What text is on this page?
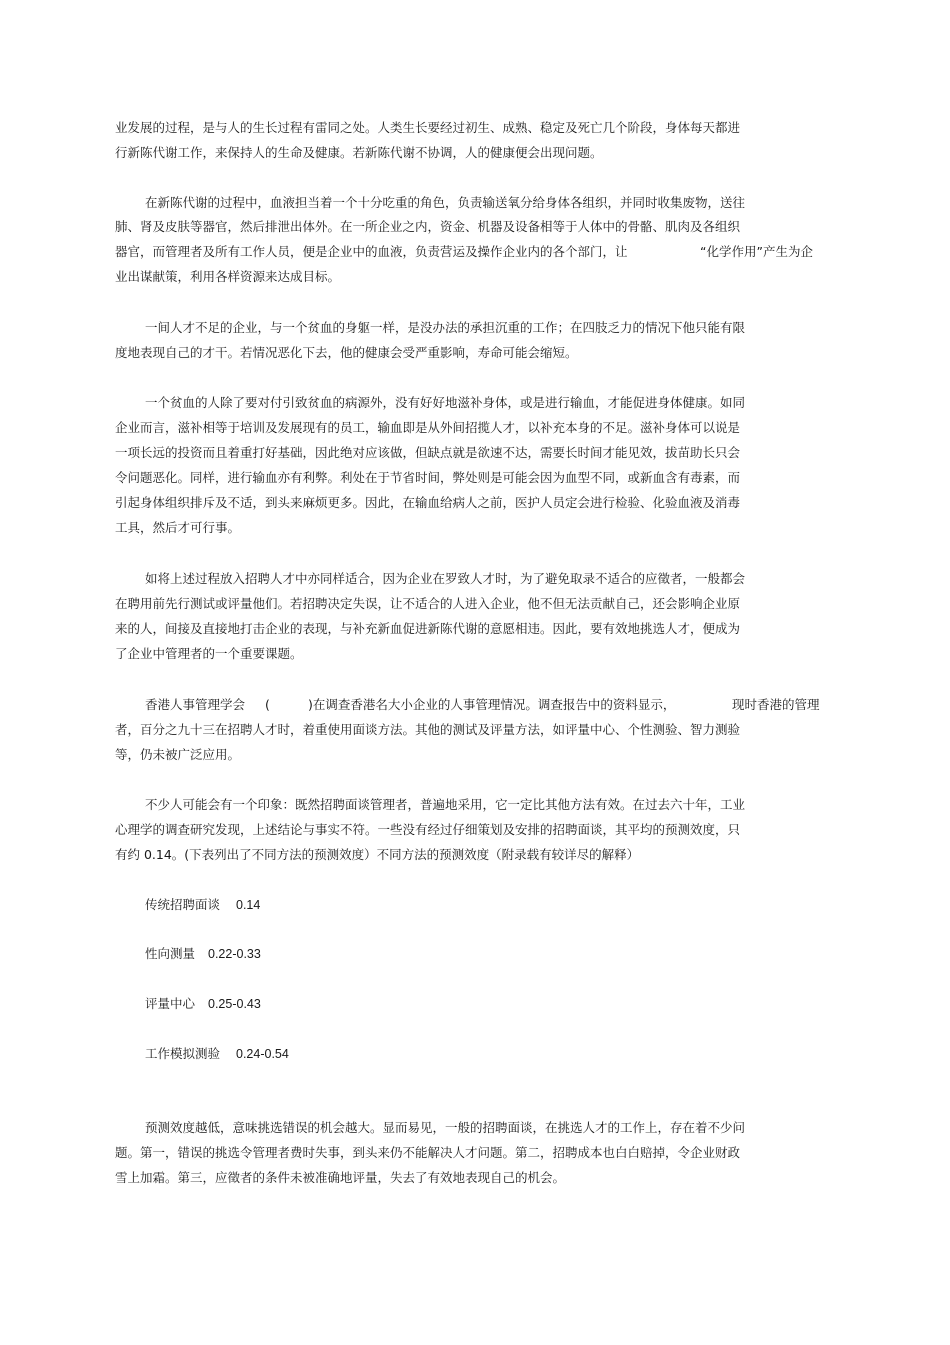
业发展的过程，是与人的生长过程有雷同之处。人类生长要经过初生、成熟、稳定及死亡几个阶段，身体每天都进
行新陈代谢工作，来保持人的生命及健康。若新陈代谢不协调，人的健康便会出现问题。
在新陈代谢的过程中，血液担当着一个十分吃重的角色，负责输送氧分给身体各组织，并同时收集废物，送往
肺、肾及皮肤等器官，然后排泄出体外。在一所企业之内，资金、机器及设备相等于人体中的骨骼、肌肉及各组织
器官，而管理者及所有工作人员，便是企业中的血液，负责营运及操作企业内的各个部门，让	“化学作用”产生为企
业出谋献策，利用各样资源来达成目标。
一间人才不足的企业，与一个贫血的身躯一样，是没办法的承担沉重的工作；在四肢乏力的情况下他只能有限
度地表现自己的才干。若情况恶化下去，他的健康会受严重影响，寿命可能会缩短。
一个贫血的人除了要对付引致贫血的病源外，没有好好地滋补身体，或是进行输血，才能促进身体健康。如同
企业而言，滋补相等于培训及发展现有的员工，输血即是从外间招揽人才，以补充本身的不足。滋补身体可以说是
一项长远的投资而且着重打好基础，因此绝对应该做，但缺点就是欲速不达，需要长时间才能见效，拔苗助长只会
令问题恶化。同样，进行输血亦有利弊。利处在于节省时间，弊处则是可能会因为血型不同，或新血含有毒素，而
引起身体组织排斥及不适，到头来麻烦更多。因此，在输血给病人之前，医护人员定会进行检验、化验血液及消毒
工具，然后才可行事。
如将上述过程放入招聘人才中亦同样适合，因为企业在罗致人才时，为了避免取录不适合的应徵者，一般都会
在聘用前先行测试或评量他们。若招聘决定失误，让不适合的人进入企业，他不但无法贡献自己，还会影响企业原
来的人，间接及直接地打击企业的表现，与补充新血促进新陈代谢的意愿相违。因此，要有效地挑选人才，便成为
了企业中管理者的一个重要课题。
香港人事管理学会 (	)在调查香港名大小企业的人事管理情况。调查报告中的资料显示，	现时香港的管理
者，百分之九十三在招聘人才时，着重使用面谈方法。其他的测试及评量方法，如评量中心、个性测验、智力测验
等，仍未被广泛应用。
不少人可能会有一个印象：既然招聘面谈管理者，普遍地采用，它一定比其他方法有效。在过去六十年，工业
心理学的调查研究发现，上述结论与事实不符。一些没有经过仔细策划及安排的招聘面谈，其平均的预测效度，只
有约 0.14。(下表列出了不同方法的预测效度）不同方法的预测效度（附录载有较详尽的解释）
传统招聘面谈 0.14
性向测量 0.22-0.33
评量中心 0.25-0.43
工作模拟测验 0.24-0.54
预测效度越低，意味挑选错误的机会越大。显而易见，一般的招聘面谈，在挑选人才的工作上，存在着不少问
题。第一，错误的挑选令管理者费时失事，到头来仍不能解决人才问题。第二，招聘成本也白白赔掉，令企业财政
雪上加霜。第三，应徵者的条件未被准确地评量，失去了有效地表现自己的机会。
